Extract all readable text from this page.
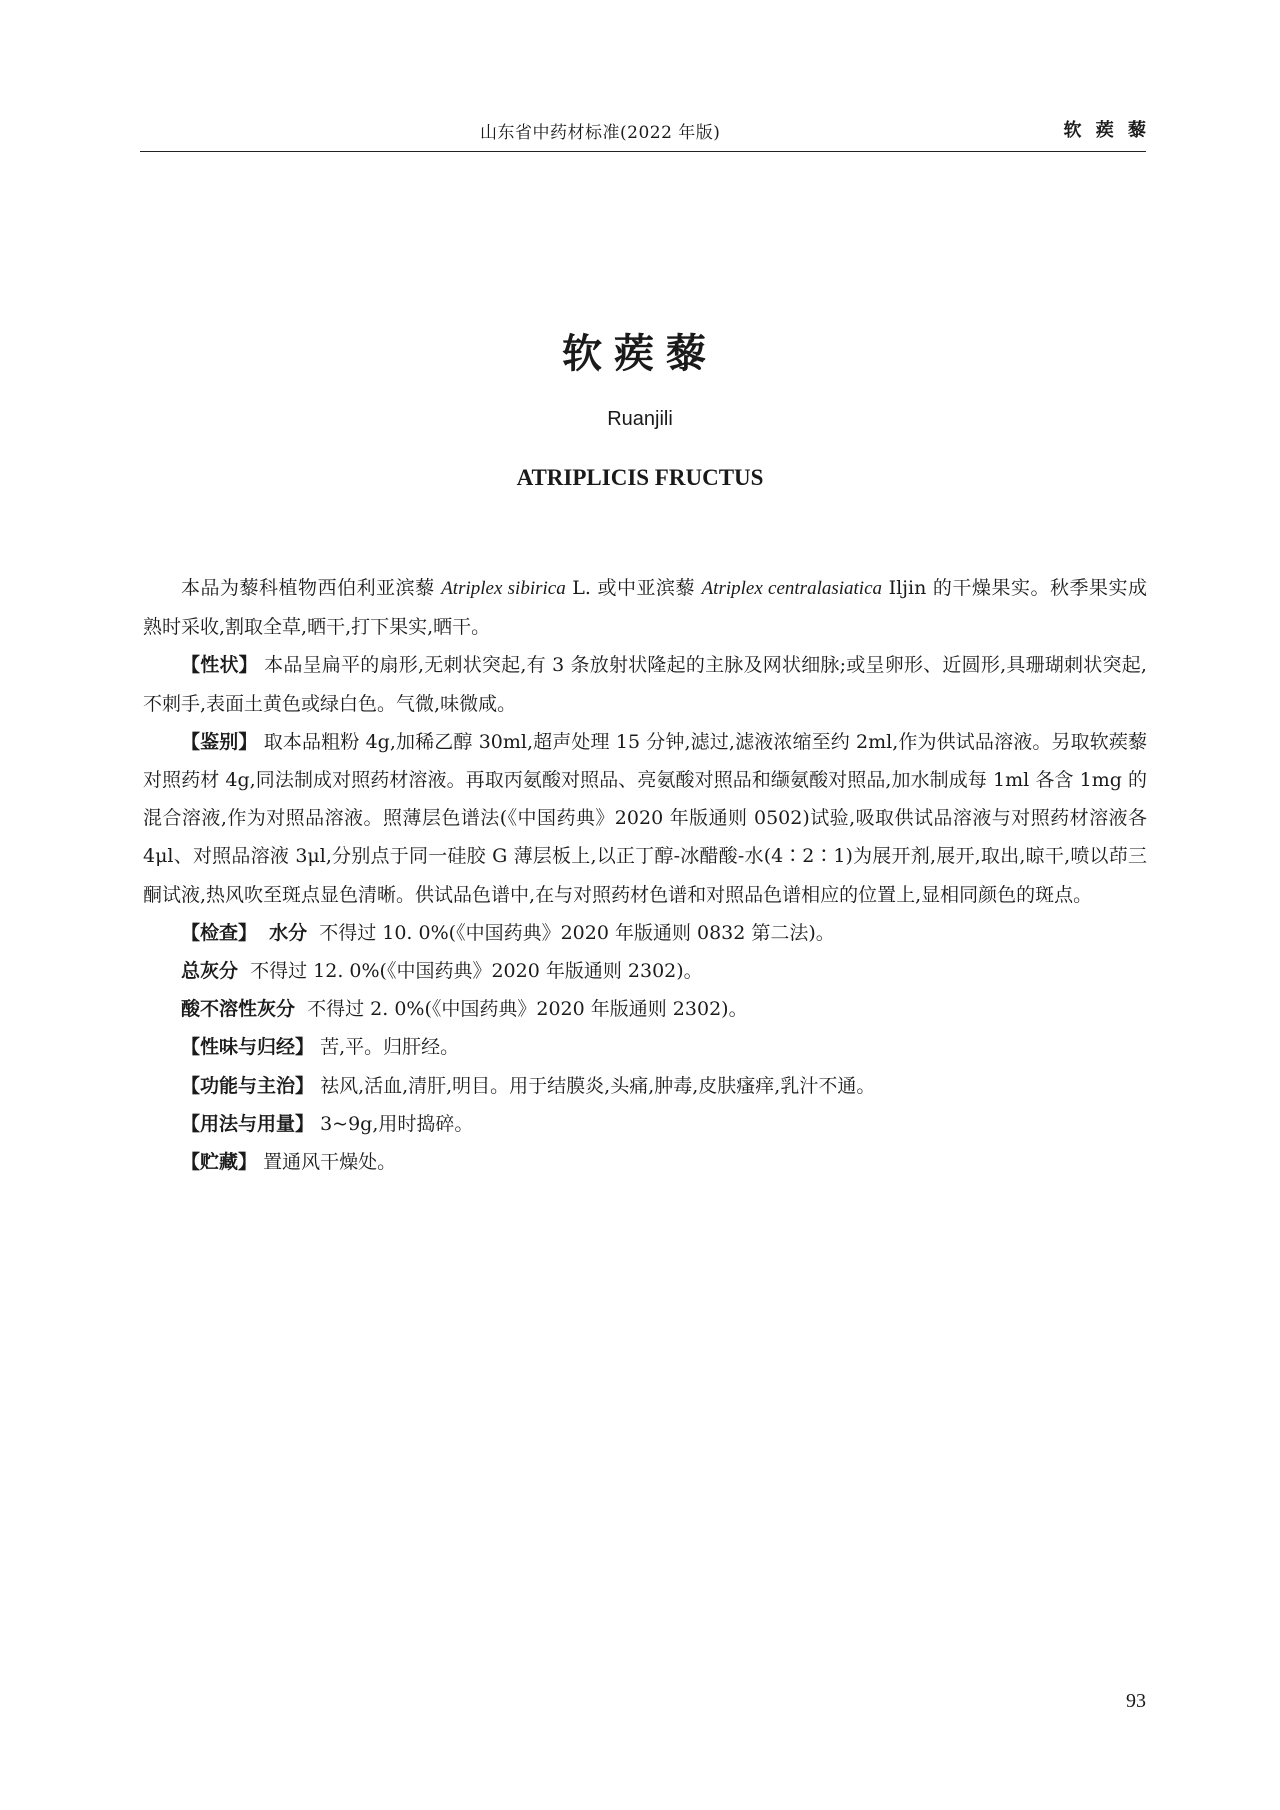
山东省中药材标准(2022 年版)	软 蒺 藜
软蒺藜
Ruanjili
ATRIPLICIS FRUCTUS

本品为藜科植物西伯利亚滨藜 Atriplex sibirica L. 或中亚滨藜 Atriplex centralasiatica Iljin 的干燥果实。秋季果实成熟时采收,割取全草,晒干,打下果实,晒干。

【性状】 本品呈扁平的扇形,无刺状突起,有 3 条放射状隆起的主脉及网状细脉;或呈卵形、近圆形,具珊瑚刺状突起,不刺手,表面土黄色或绿白色。气微,味微咸。

【鉴别】 取本品粗粉 4g,加稀乙醇 30ml,超声处理 15 分钟,滤过,滤液浓缩至约 2ml,作为供试品溶液。另取软蒺藜对照药材 4g,同法制成对照药材溶液。再取丙氨酸对照品、亮氨酸对照品和缬氨酸对照品,加水制成每 1ml 各含 1mg 的混合溶液,作为对照品溶液。照薄层色谱法(《中国药典》2020 年版通则 0502)试验,吸取供试品溶液与对照药材溶液各 4μl、对照品溶液 3μl,分别点于同一硅胶 G 薄层板上,以正丁醇-冰醋酸-水(4∶2∶1)为展开剂,展开,取出,晾干,喷以茚三酮试液,热风吹至斑点显色清晰。供试品色谱中,在与对照药材色谱和对照品色谱相应的位置上,显相同颜色的斑点。

【检查】 水分 不得过 10. 0%(《中国药典》2020 年版通则 0832 第二法)。

总灰分 不得过 12. 0%(《中国药典》2020 年版通则 2302)。

酸不溶性灰分 不得过 2. 0%(《中国药典》2020 年版通则 2302)。

【性味与归经】 苦,平。归肝经。

【功能与主治】 祛风,活血,清肝,明目。用于结膜炎,头痛,肿毒,皮肤瘙痒,乳汁不通。

【用法与用量】 3~9g,用时捣碎。

【贮藏】 置通风干燥处。

93
